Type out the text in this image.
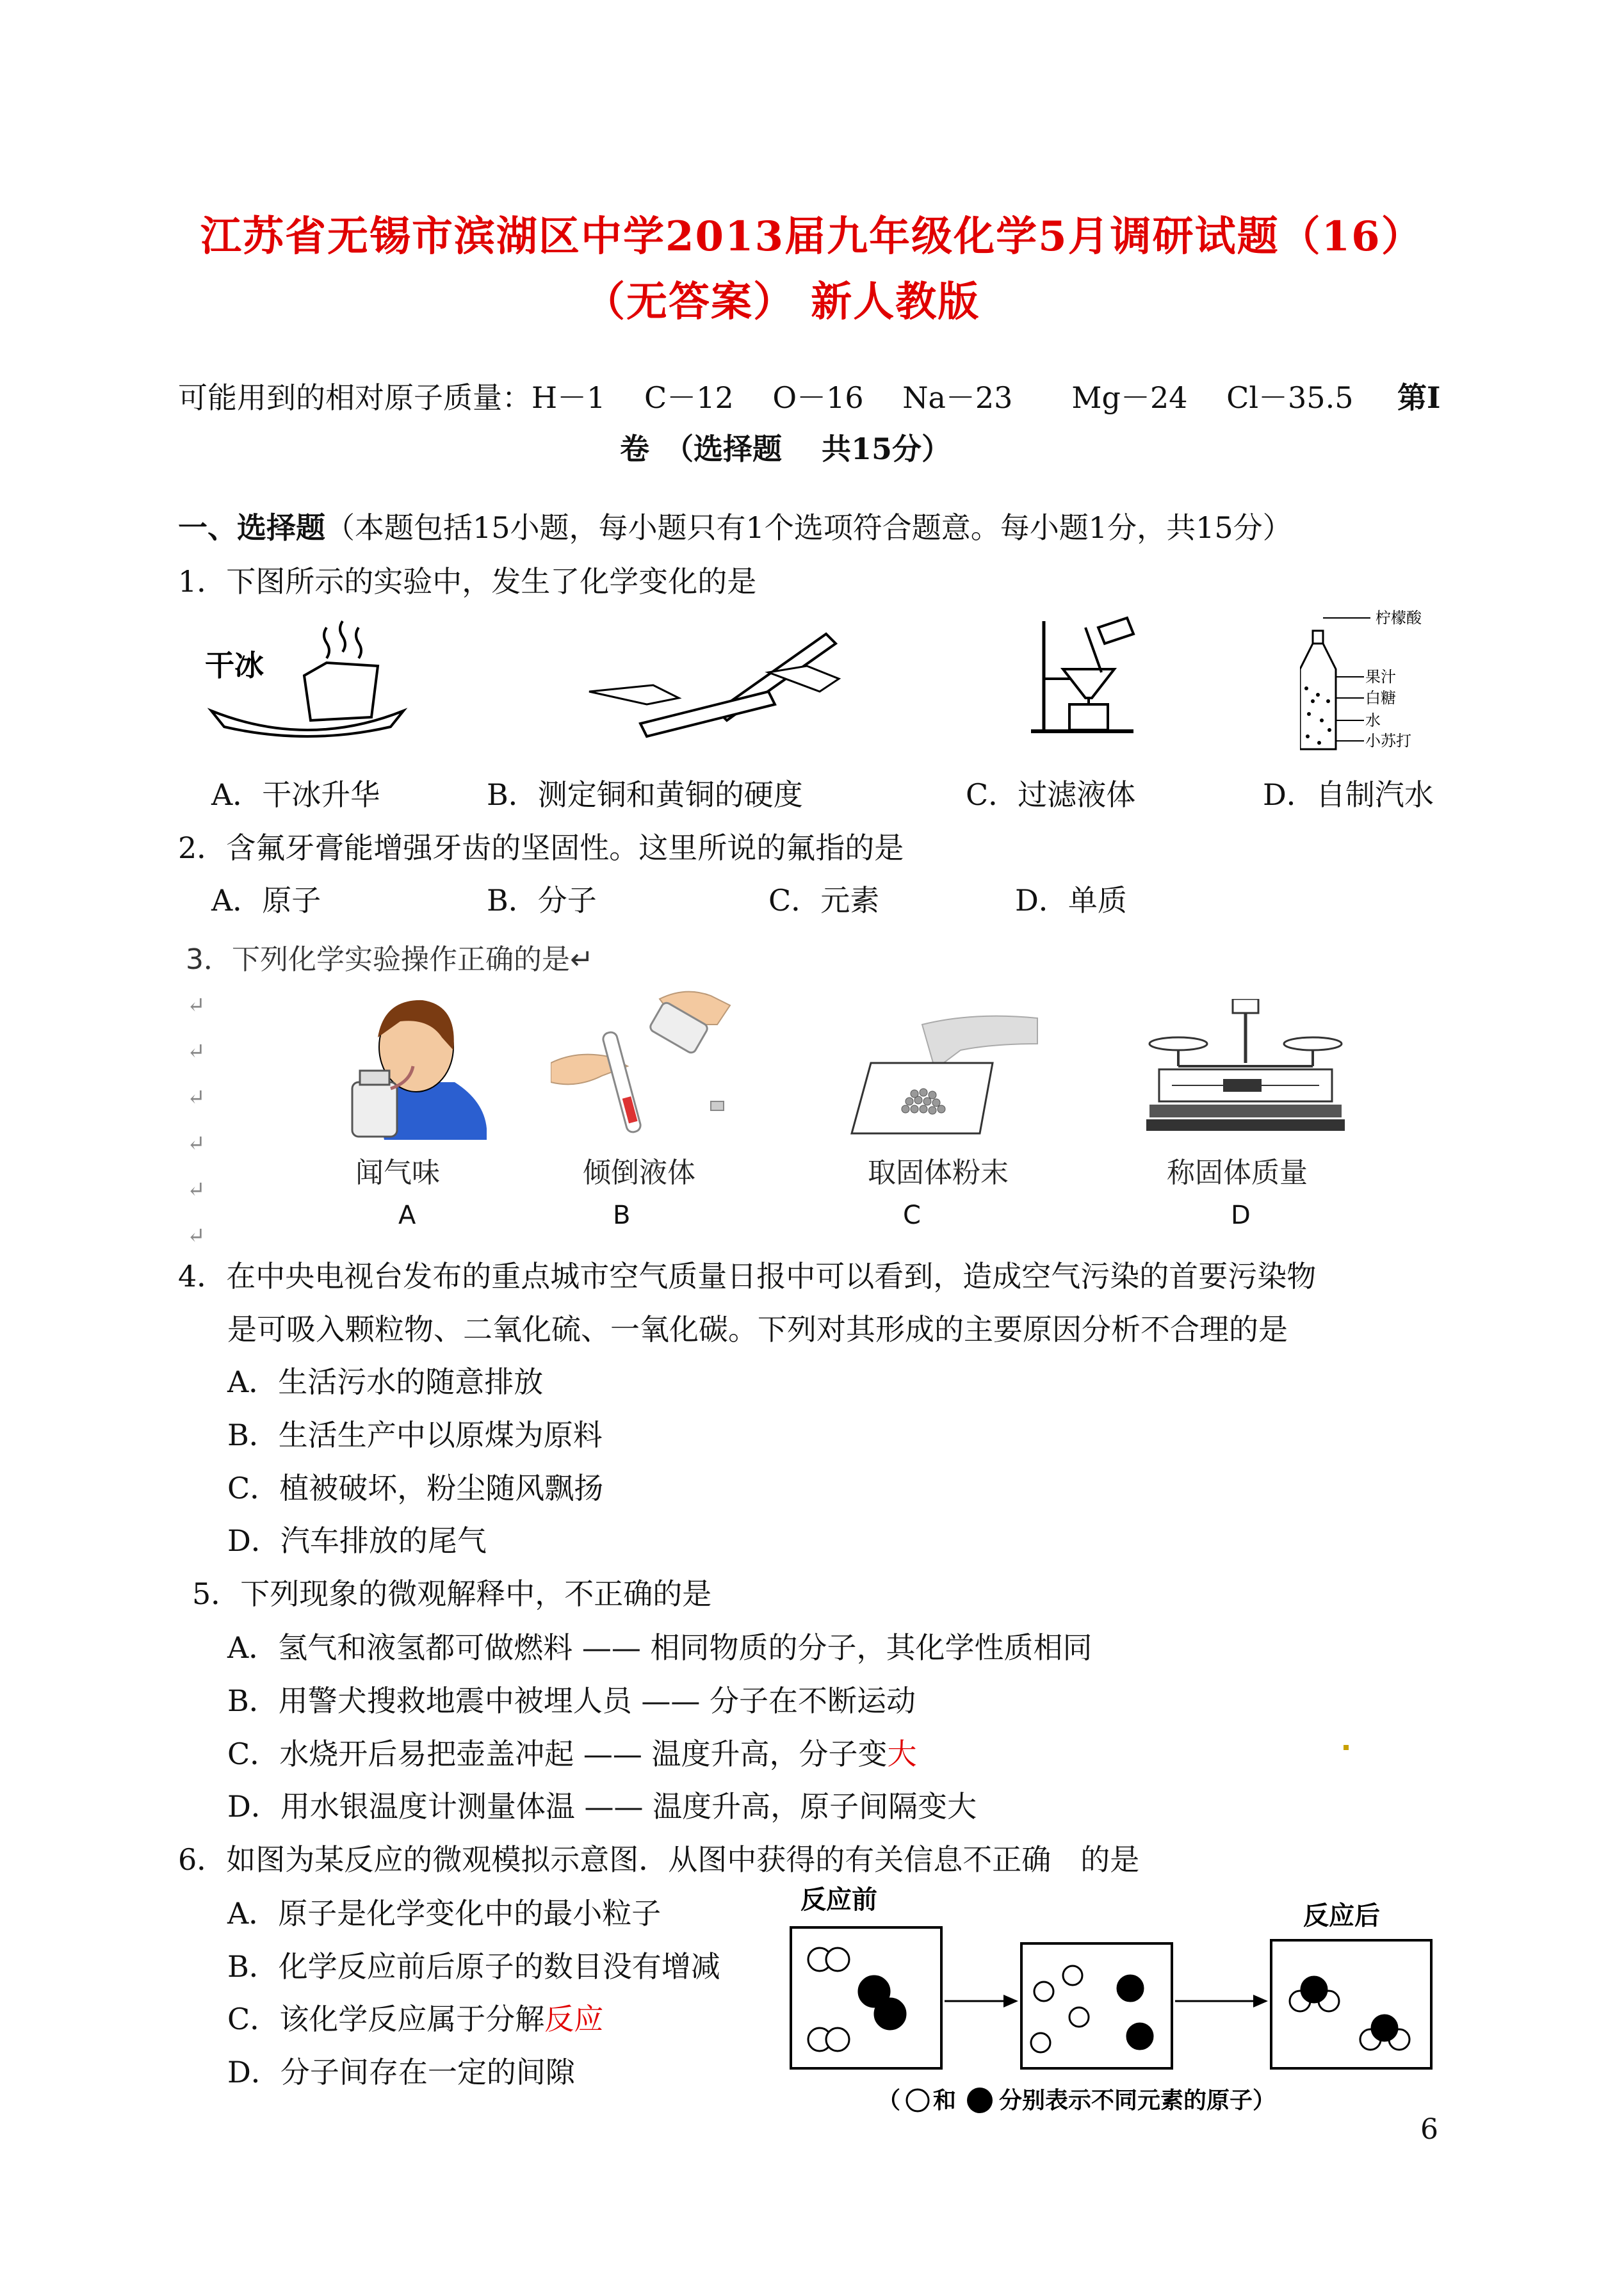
江苏省无锡市滨湖区中学2013届九年级化学5月调研试题（16）
（无答案） 新人教版
可能用到的相对原子质量：H－1　 C－12　 O－16　 Na－23　　Mg－24　 Cl－35.5 第Ⅰ
卷　（选择题　 共15分）
一、选择题（本题包括15小题，每小题只有1个选项符合题意。每小题1分，共15分）
1．下图所示的实验中，发生了化学变化的是
干冰
柠檬酸
果汁
白糖
水
小苏打
A．干冰升华	B．测定铜和黄铜的硬度	C．过滤液体	D．自制汽水
2．含氟牙膏能增强牙齿的坚固性。这里所说的氟指的是
A．原子	B．分子	C．元素	D．单质
3．下列化学实验操作正确的是↵
↵
↵
↵
↵
↵
↵
闻气味	倾倒液体	取固体粉末	称固体质量
A	B	C	D
4．在中央电视台发布的重点城市空气质量日报中可以看到，造成空气污染的首要污染物
是可吸入颗粒物、二氧化硫、一氧化碳。下列对其形成的主要原因分析不合理的是
A．生活污水的随意排放
B．生活生产中以原煤为原料
C．植被破坏，粉尘随风飘扬
D．汽车排放的尾气
5．下列现象的微观解释中，不正确的是
A．氢气和液氢都可做燃料 —— 相同物质的分子，其化学性质相同
B．用警犬搜救地震中被埋人员 —— 分子在不断运动
C．水烧开后易把壶盖冲起 —— 温度升高，分子变大
D．用水银温度计测量体温 —— 温度升高，原子间隔变大
6．如图为某反应的微观模拟示意图．从图中获得的有关信息不正确　的是
A．原子是化学变化中的最小粒子
B．化学反应前后原子的数目没有增减
C．该化学反应属于分解反应
D．分子间存在一定的间隙
反应前
反应后
（ 和 分别表示不同元素的原子）
6
